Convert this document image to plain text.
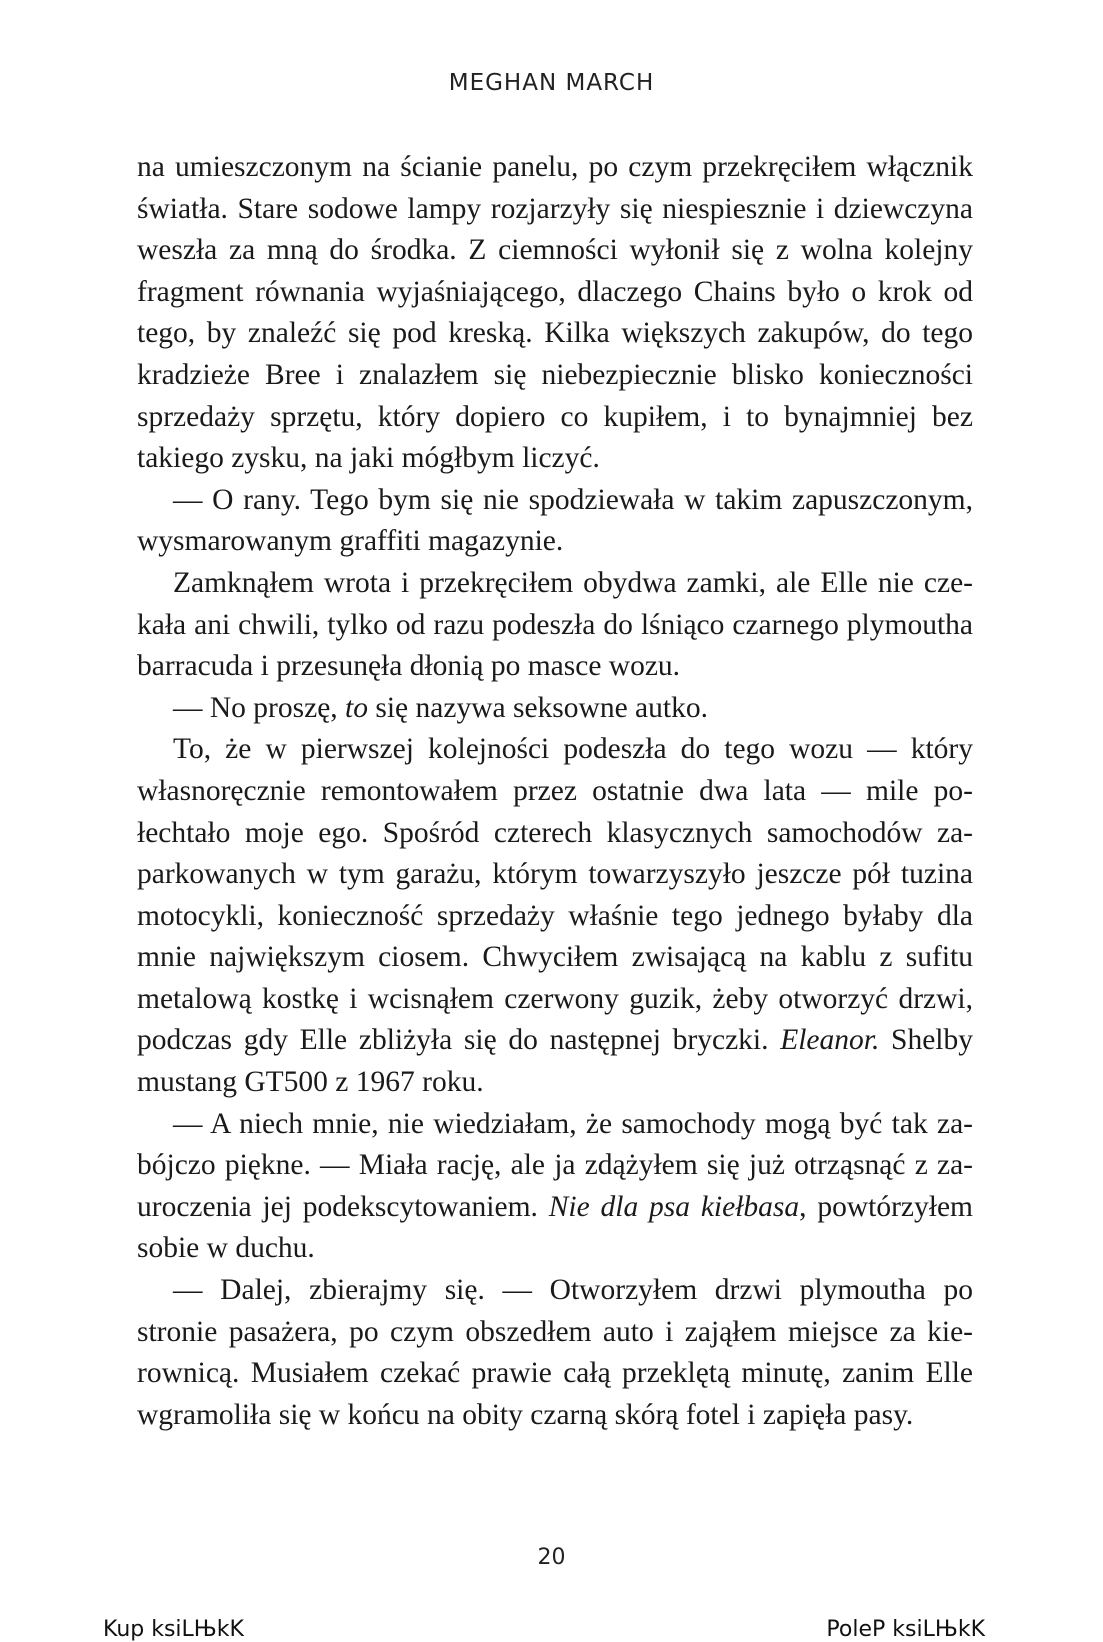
MEGHAN MARCH

na umieszczonym na ścianie panelu, po czym przekręciłem włącznik światła. Stare sodowe lampy rozjarzyły się niespiesznie i dziewczyna weszła za mną do środka. Z ciemności wyłonił się z wolna kolejny fragment równania wyjaśniającego, dlaczego Chains było o krok od tego, by znaleźć się pod kreską. Kilka większych zakupów, do tego kradzieże Bree i znalazłem się niebezpiecznie blisko konieczności sprzedaży sprzętu, który dopiero co kupiłem, i to bynajmniej bez takiego zysku, na jaki mógłbym liczyć.

— O rany. Tego bym się nie spodziewała w takim zapuszczonym, wysmarowanym graffiti magazynie.

Zamknąłem wrota i przekręciłem obydwa zamki, ale Elle nie czekała ani chwili, tylko od razu podeszła do lśniąco czarnego plymoutha barracuda i przesunęła dłonią po masce wozu.

— No proszę, to się nazywa seksowne autko.

To, że w pierwszej kolejności podeszła do tego wozu — który własnoręcznie remontowałem przez ostatnie dwa lata — mile połechtało moje ego. Spośród czterech klasycznych samochodów zaparkowanych w tym garażu, którym towarzyszyło jeszcze pół tuzina motocykli, konieczność sprzedaży właśnie tego jednego byłaby dla mnie największym ciosem. Chwyciłem zwisającą na kablu z sufitu metalową kostkę i wcisnąłem czerwony guzik, żeby otworzyć drzwi, podczas gdy Elle zbliżyła się do następnej bryczki. Eleanor. Shelby mustang GT500 z 1967 roku.

— A niech mnie, nie wiedziałam, że samochody mogą być tak zabójczo piękne. — Miała rację, ale ja zdążyłem się już otrząsnąć z zauroczenia jej podekscytowaniem. Nie dla psa kiełbasa, powtórzyłem sobie w duchu.

— Dalej, zbierajmy się. — Otworzyłem drzwi plymoutha po stronie pasażera, po czym obszedłem auto i zająłem miejsce za kierownicą. Musiałem czekać prawie całą przeklętą minutę, zanim Elle wgramoliła się w końcu na obity czarną skórą fotel i zapięła pasy.

20
Kup ksiLЊkK	PoleP ksiLЊkK
